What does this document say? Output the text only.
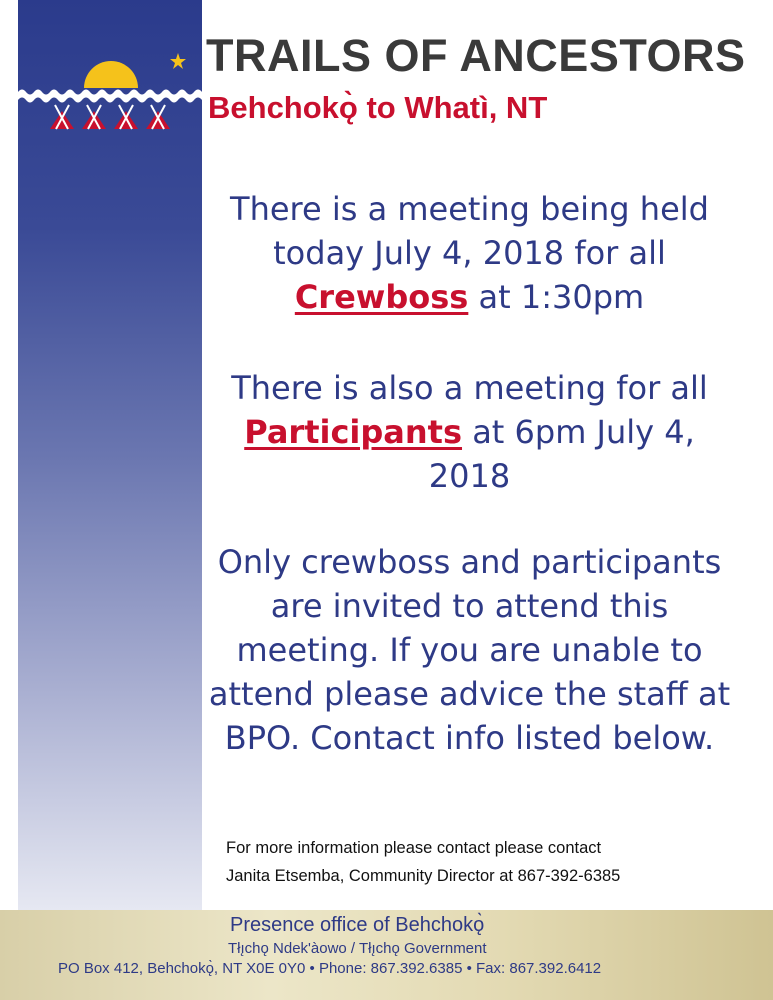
TRAILS OF ANCESTORS
Behchokǫ̀ to Whatì, NT

There is a meeting being held today July 4, 2018 for all Crewboss at 1:30pm

There is also a meeting for all Participants at 6pm July 4, 2018

Only crewboss and participants are invited to attend this meeting. If you are unable to attend please advice the staff at BPO. Contact info listed below.

For more information please contact please contact
Janita Etsemba, Community Director at 867-392-6385
Presence office of Behchokǫ̀
Tłı̨chǫ Ndek'àowo / Tłı̨chǫ Government
PO Box 412, Behchokǫ̀, NT X0E 0Y0 • Phone: 867.392.6385 • Fax: 867.392.6412
